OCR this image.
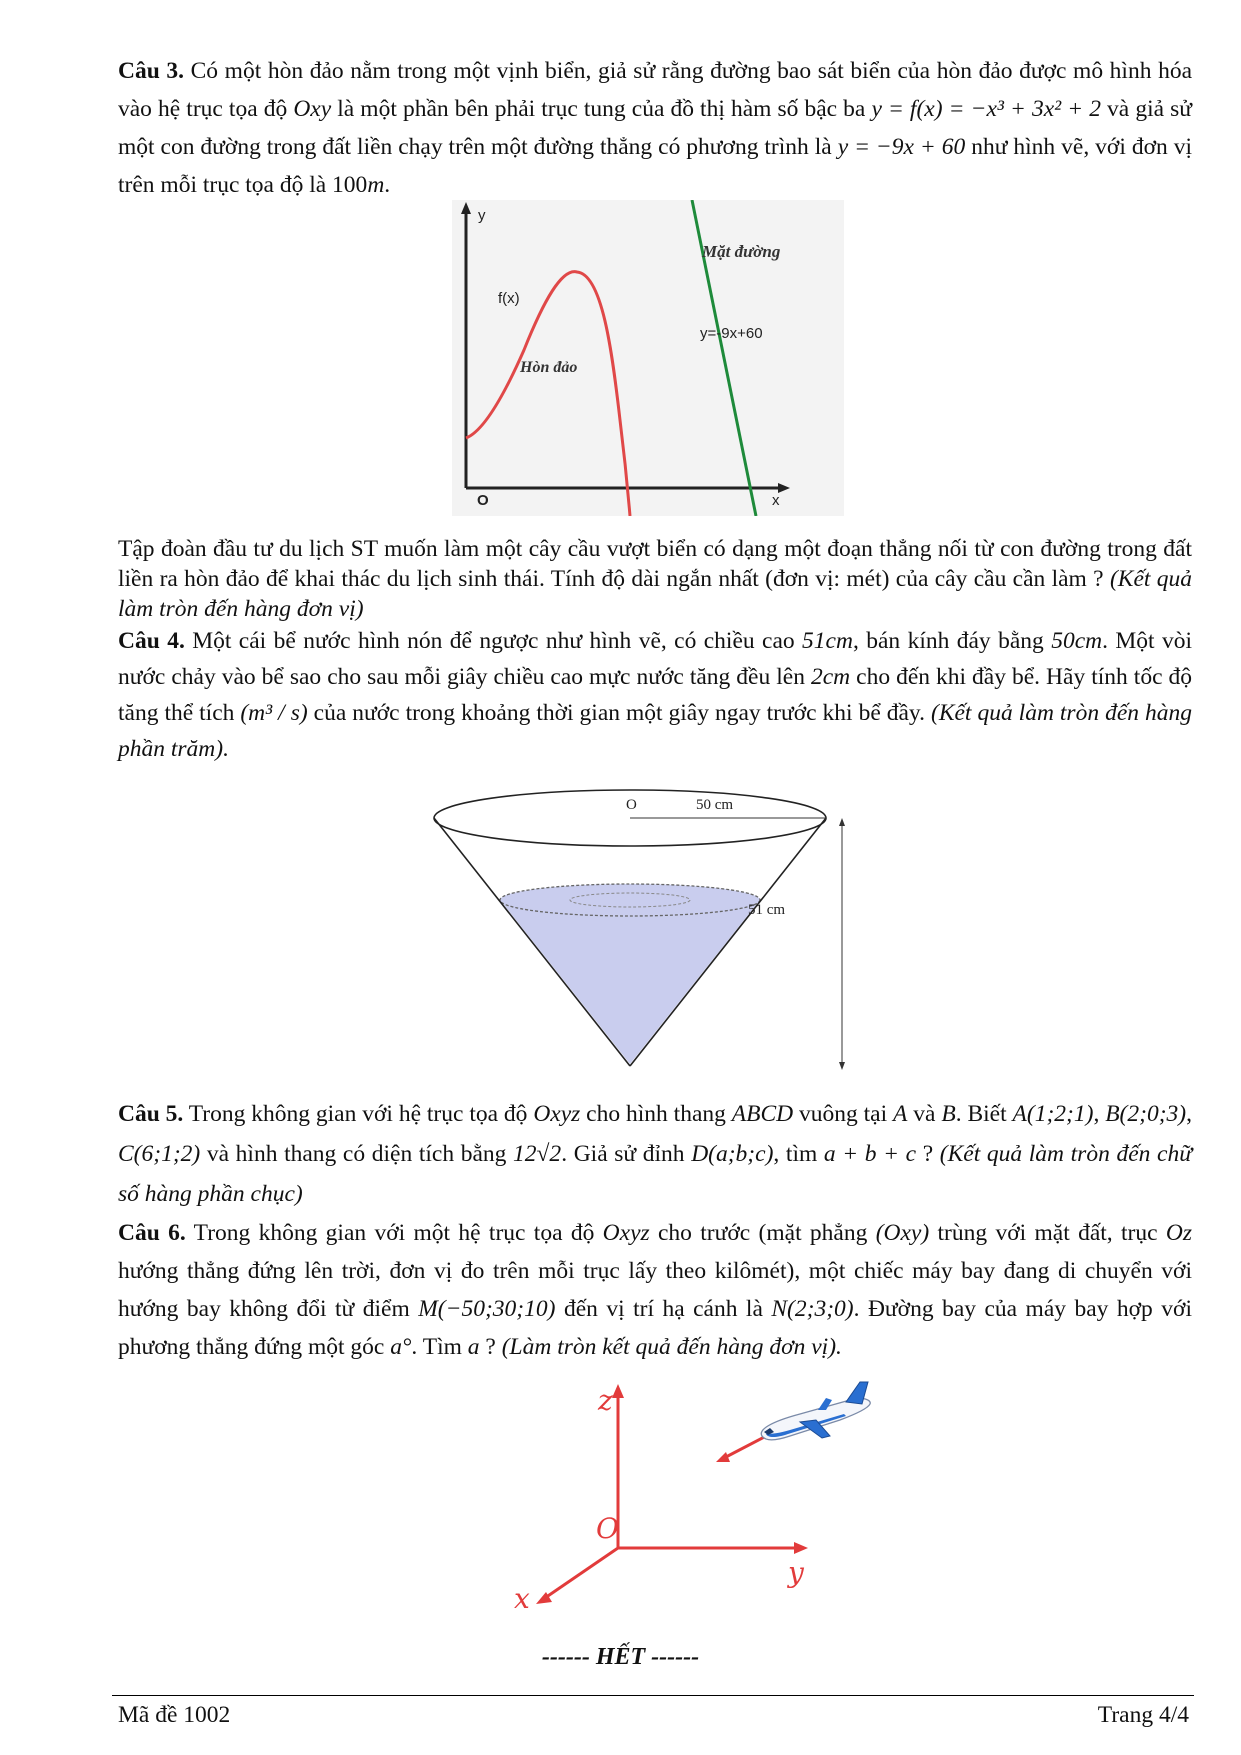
Câu 3. Có một hòn đảo nằm trong một vịnh biển, giả sử rằng đường bao sát biển của hòn đảo được mô hình hóa vào hệ trục tọa độ Oxy là một phần bên phải trục tung của đồ thị hàm số bậc ba y = f(x) = −x³ + 3x² + 2 và giả sử một con đường trong đất liền chạy trên một đường thẳng có phương trình là y = −9x + 60 như hình vẽ, với đơn vị trên mỗi trục tọa độ là 100m.
y
x
O
f(x)
Hòn đảo
Mặt đường
y=-9x+60
Tập đoàn đầu tư du lịch ST muốn làm một cây cầu vượt biển có dạng một đoạn thẳng nối từ con đường trong đất liền ra hòn đảo để khai thác du lịch sinh thái. Tính độ dài ngắn nhất (đơn vị: mét) của cây cầu cần làm ? (Kết quả làm tròn đến hàng đơn vị)
Câu 4. Một cái bể nước hình nón để ngược như hình vẽ, có chiều cao 51cm, bán kính đáy bằng 50cm. Một vòi nước chảy vào bể sao cho sau mỗi giây chiều cao mực nước tăng đều lên 2cm cho đến khi đầy bể. Hãy tính tốc độ tăng thể tích (m³ / s) của nước trong khoảng thời gian một giây ngay trước khi bể đầy. (Kết quả làm tròn đến hàng phần trăm).
O	50 cm
51 cm
Câu 5. Trong không gian với hệ trục tọa độ Oxyz cho hình thang ABCD vuông tại A và B. Biết A(1;2;1), B(2;0;3), C(6;1;2) và hình thang có diện tích bằng 12√2. Giả sử đỉnh D(a;b;c), tìm a + b + c ? (Kết quả làm tròn đến chữ số hàng phần chục)
Câu 6. Trong không gian với một hệ trục tọa độ Oxyz cho trước (mặt phẳng (Oxy) trùng với mặt đất, trục Oz hướng thẳng đứng lên trời, đơn vị đo trên mỗi trục lấy theo kilômét), một chiếc máy bay đang di chuyển với hướng bay không đổi từ điểm M(−50;30;10) đến vị trí hạ cánh là N(2;3;0). Đường bay của máy bay hợp với phương thẳng đứng một góc a°. Tìm a ? (Làm tròn kết quả đến hàng đơn vị).
z
O
x
y
------ HẾT ------
Mã đề 1002	Trang 4/4
